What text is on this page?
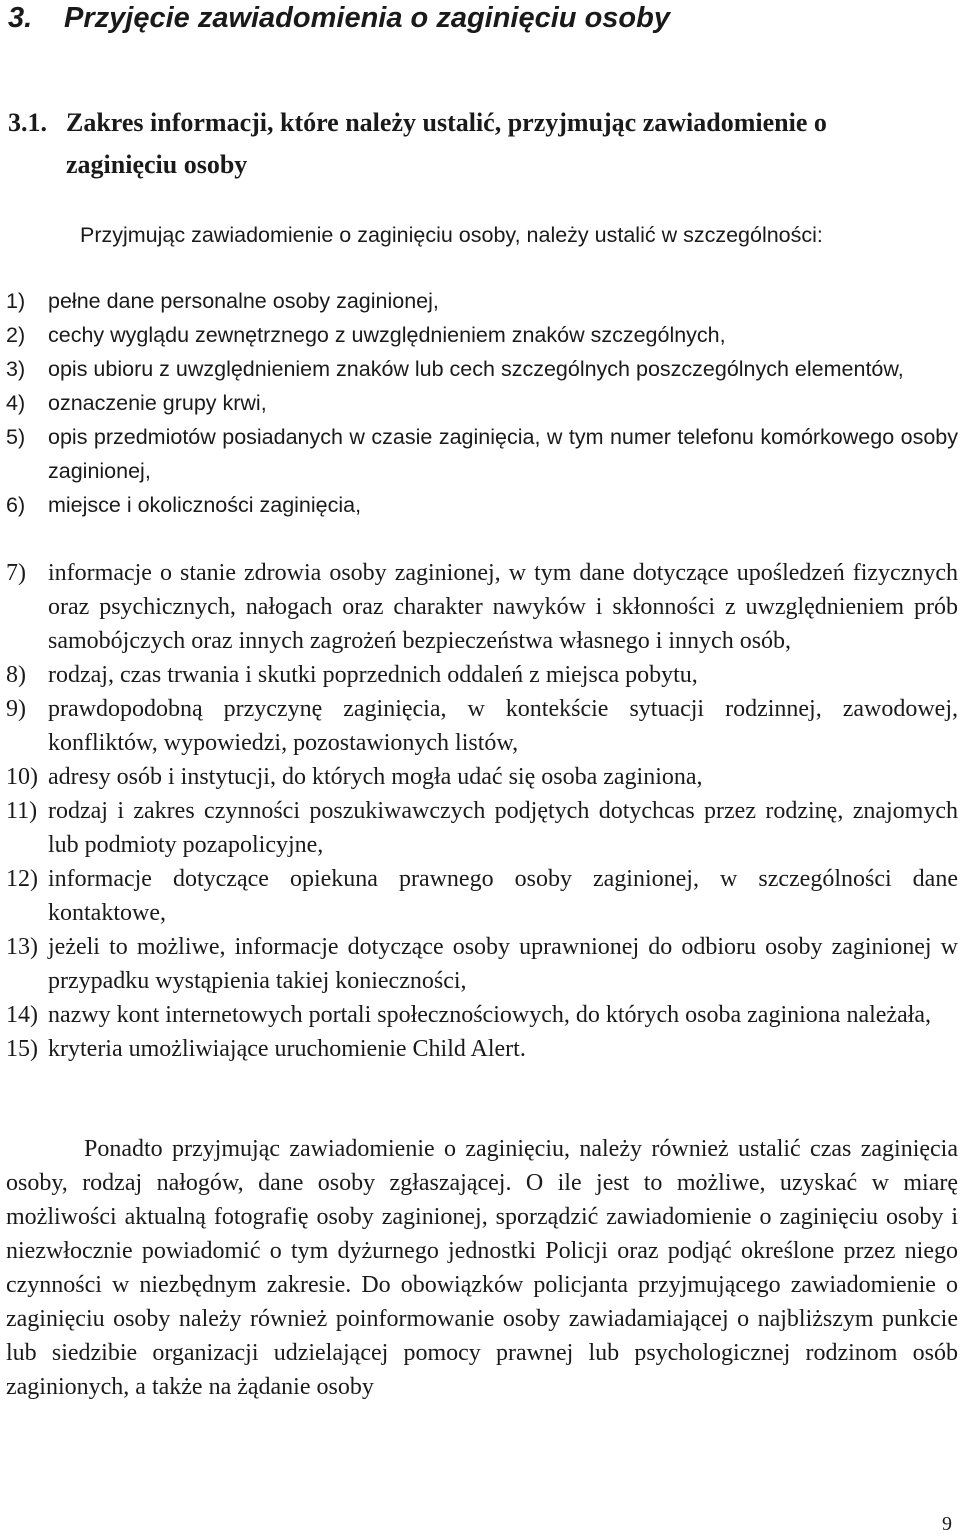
3. Przyjęcie zawiadomienia o zaginięciu osoby
3.1. Zakres informacji, które należy ustalić, przyjmując zawiadomienie o zaginięciu osoby

Przyjmując zawiadomienie o zaginięciu osoby, należy ustalić w szczególności:

1) pełne dane personalne osoby zaginionej,
2) cechy wyglądu zewnętrznego z uwzględnieniem znaków szczególnych,
3) opis ubioru z uwzględnieniem znaków lub cech szczególnych poszczególnych elementów,
4) oznaczenie grupy krwi,
5) opis przedmiotów posiadanych w czasie zaginięcia, w tym numer telefonu komórkowego osoby zaginionej,
6) miejsce i okoliczności zaginięcia,
7) informacje o stanie zdrowia osoby zaginionej, w tym dane dotyczące upośledzeń fizycznych oraz psychicznych, nałogach oraz charakter nawyków i skłonności z uwzględnieniem prób samobójczych oraz innych zagrożeń bezpieczeństwa własnego i innych osób,
8) rodzaj, czas trwania i skutki poprzednich oddaleń z miejsca pobytu,
9) prawdopodobną przyczynę zaginięcia, w kontekście sytuacji rodzinnej, zawodowej, konfliktów, wypowiedzi, pozostawionych listów,
10) adresy osób i instytucji, do których mogła udać się osoba zaginiona,
11) rodzaj i zakres czynności poszukiwawczych podjętych dotychcas przez rodzinę, znajomych lub podmioty pozapolicyjne,
12) informacje dotyczące opiekuna prawnego osoby zaginionej, w szczególności dane kontaktowe,
13) jeżeli to możliwe, informacje dotyczące osoby uprawnionej do odbioru osoby zaginionej w przypadku wystąpienia takiej konieczności,
14) nazwy kont internetowych portali społecznościowych, do których osoba zaginiona należała,
15) kryteria umożliwiające uruchomienie Child Alert.

Ponadto przyjmując zawiadomienie o zaginięciu, należy również ustalić czas zaginięcia osoby, rodzaj nałogów, dane osoby zgłaszającej. O ile jest to możliwe, uzyskać w miarę możliwości aktualną fotografię osoby zaginionej, sporządzić zawiadomienie o zaginięciu osoby i niezwłocznie powiadomić o tym dyżurnego jednostki Policji oraz podjąć określone przez niego czynności w niezbędnym zakresie. Do obowiązków policjanta przyjmującego zawiadomienie o zaginięciu osoby należy również poinformowanie osoby zawiadamiającej o najbliższym punkcie lub siedzibie organizacji udzielającej pomocy prawnej lub psychologicznej rodzinom osób zaginionych, a także na żądanie osoby

9
